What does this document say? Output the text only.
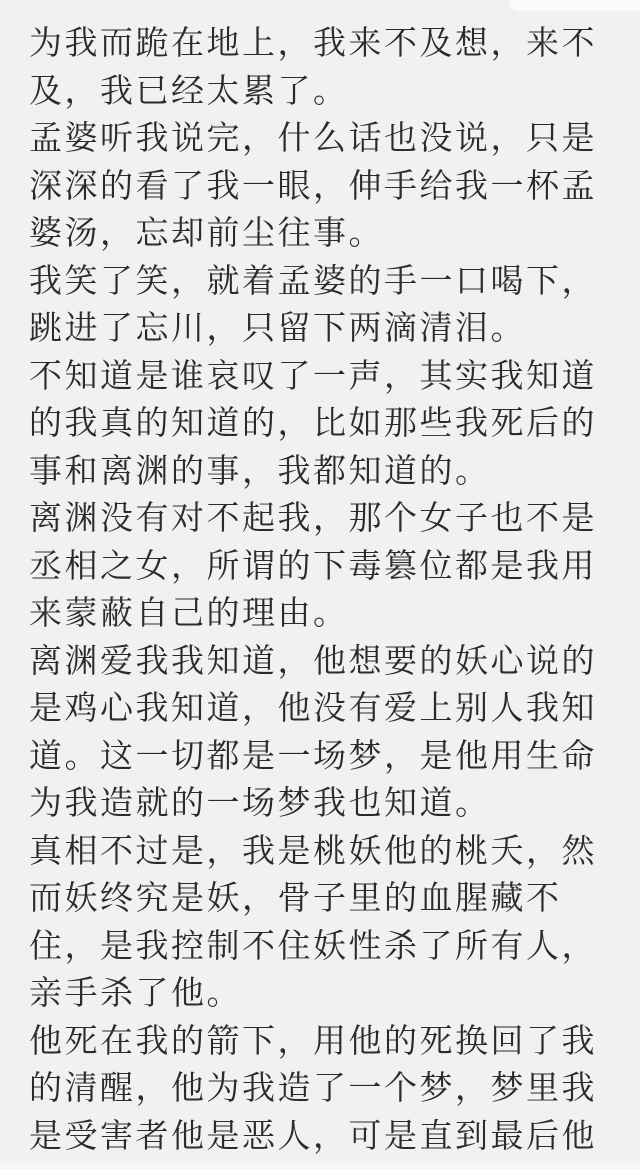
为我而跪在地上，我来不及想，来不
及，我已经太累了。
孟婆听我说完，什么话也没说，只是
深深的看了我一眼，伸手给我一杯孟
婆汤，忘却前尘往事。
我笑了笑，就着孟婆的手一口喝下，
跳进了忘川，只留下两滴清泪。
不知道是谁哀叹了一声，其实我知道
的我真的知道的，比如那些我死后的
事和离渊的事，我都知道的。
离渊没有对不起我，那个女子也不是
丞相之女，所谓的下毒篡位都是我用
来蒙蔽自己的理由。
离渊爱我我知道，他想要的妖心说的
是鸡心我知道，他没有爱上别人我知
道。这一切都是一场梦，是他用生命
为我造就的一场梦我也知道。
真相不过是，我是桃妖他的桃夭，然
而妖终究是妖，骨子里的血腥藏不
住，是我控制不住妖性杀了所有人，
亲手杀了他。
他死在我的箭下，用他的死换回了我
的清醒，他为我造了一个梦，梦里我
是受害者他是恶人，可是直到最后他
